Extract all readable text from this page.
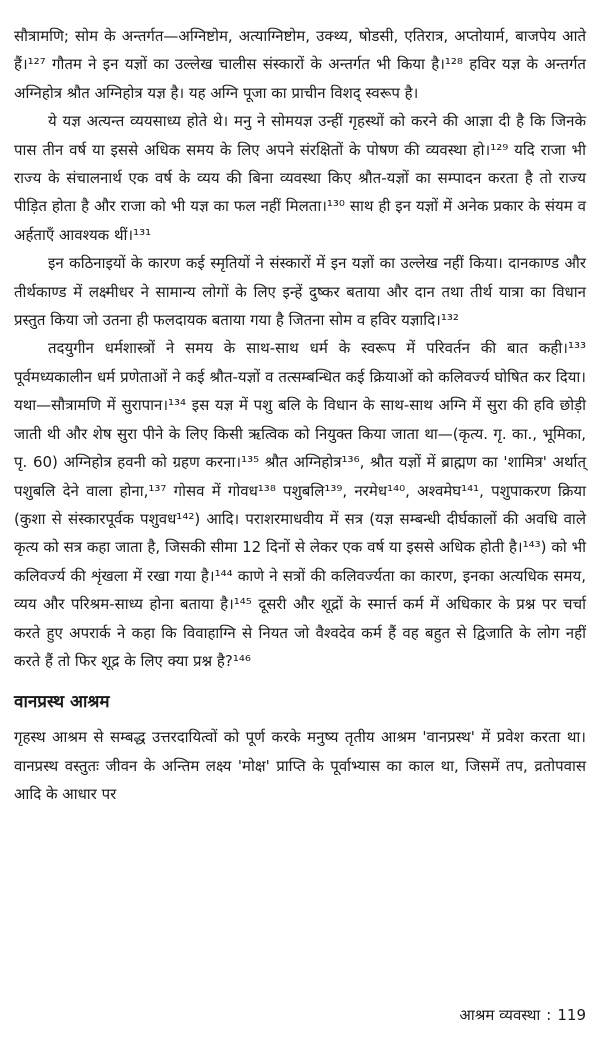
सौत्रामणि; सोम के अन्तर्गत—अग्निष्टोम, अत्याग्निष्टोम, उक्थ्य, षोडसी, एतिरात्र, अप्तोयार्म, बाजपेय आते हैं।¹²⁷ गौतम ने इन यज्ञों का उल्लेख चालीस संस्कारों के अन्तर्गत भी किया है।¹²⁸ हविर यज्ञ के अन्तर्गत अग्निहोत्र श्रौत अग्निहोत्र यज्ञ है। यह अग्नि पूजा का प्राचीन विशद् स्वरूप है।

ये यज्ञ अत्यन्त व्ययसाध्य होते थे। मनु ने सोमयज्ञ उन्हीं गृहस्थों को करने की आज्ञा दी है कि जिनके पास तीन वर्ष या इससे अधिक समय के लिए अपने संरक्षितों के पोषण की व्यवस्था हो।¹²⁹ यदि राजा भी राज्य के संचालनार्थ एक वर्ष के व्यय की बिना व्यवस्था किए श्रौत-यज्ञों का सम्पादन करता है तो राज्य पीड़ित होता है और राजा को भी यज्ञ का फल नहीं मिलता।¹³⁰ साथ ही इन यज्ञों में अनेक प्रकार के संयम व अर्हताएँ आवश्यक थीं।¹³¹

इन कठिनाइयों के कारण कई स्मृतियों ने संस्कारों में इन यज्ञों का उल्लेख नहीं किया। दानकाण्ड और तीर्थकाण्ड में लक्ष्मीधर ने सामान्य लोगों के लिए इन्हें दुष्कर बताया और दान तथा तीर्थ यात्रा का विधान प्रस्तुत किया जो उतना ही फलदायक बताया गया है जितना सोम व हविर यज्ञादि।¹³²

तदयुगीन धर्मशास्त्रों ने समय के साथ-साथ धर्म के स्वरूप में परिवर्तन की बात कही।¹³³ पूर्वमध्यकालीन धर्म प्रणेताओं ने कई श्रौत-यज्ञों व तत्सम्बन्धित कई क्रियाओं को कलिवर्ज्य घोषित कर दिया। यथा—सौत्रामणि में सुरापान।¹³⁴ इस यज्ञ में पशु बलि के विधान के साथ-साथ अग्नि में सुरा की हवि छोड़ी जाती थी और शेष सुरा पीने के लिए किसी ऋत्विक को नियुक्त किया जाता था—(कृत्य. गृ. का., भूमिका, पृ. 60) अग्निहोत्र हवनी को ग्रहण करना।¹³⁵ श्रौत अग्निहोत्र¹³⁶, श्रौत यज्ञों में ब्राह्मण का 'शामित्र' अर्थात् पशुबलि देने वाला होना,¹³⁷ गोसव में गोवध¹³⁸ पशुबलि¹³⁹, नरमेध¹⁴⁰, अश्वमेघ¹⁴¹, पशुपाकरण क्रिया (कुशा से संस्कारपूर्वक पशुवध¹⁴²) आदि। पराशरमाधवीय में सत्र (यज्ञ सम्बन्धी दीर्घकालों की अवधि वाले कृत्य को सत्र कहा जाता है, जिसकी सीमा 12 दिनों से लेकर एक वर्ष या इससे अधिक होती है।¹⁴³) को भी कलिवर्ज्य की शृंखला में रखा गया है।¹⁴⁴ काणे ने सत्रों की कलिवर्ज्यता का कारण, इनका अत्यधिक समय, व्यय और परिश्रम-साध्य होना बताया है।¹⁴⁵ दूसरी और शूद्रों के स्मार्त्त कर्म में अधिकार के प्रश्न पर चर्चा करते हुए अपरार्क ने कहा कि विवाहाग्नि से नियत जो वैश्वदेव कर्म हैं वह बहुत से द्विजाति के लोग नहीं करते हैं तो फिर शूद्र के लिए क्या प्रश्न है?¹⁴⁶

वानप्रस्थ आश्रम

गृहस्थ आश्रम से सम्बद्ध उत्तरदायित्वों को पूर्ण करके मनुष्य तृतीय आश्रम 'वानप्रस्थ' में प्रवेश करता था। वानप्रस्थ वस्तुतः जीवन के अन्तिम लक्ष्य 'मोक्ष' प्राप्ति के पूर्वाभ्यास का काल था, जिसमें तप, व्रतोपवास आदि के आधार पर

आश्रम व्यवस्था : 119
